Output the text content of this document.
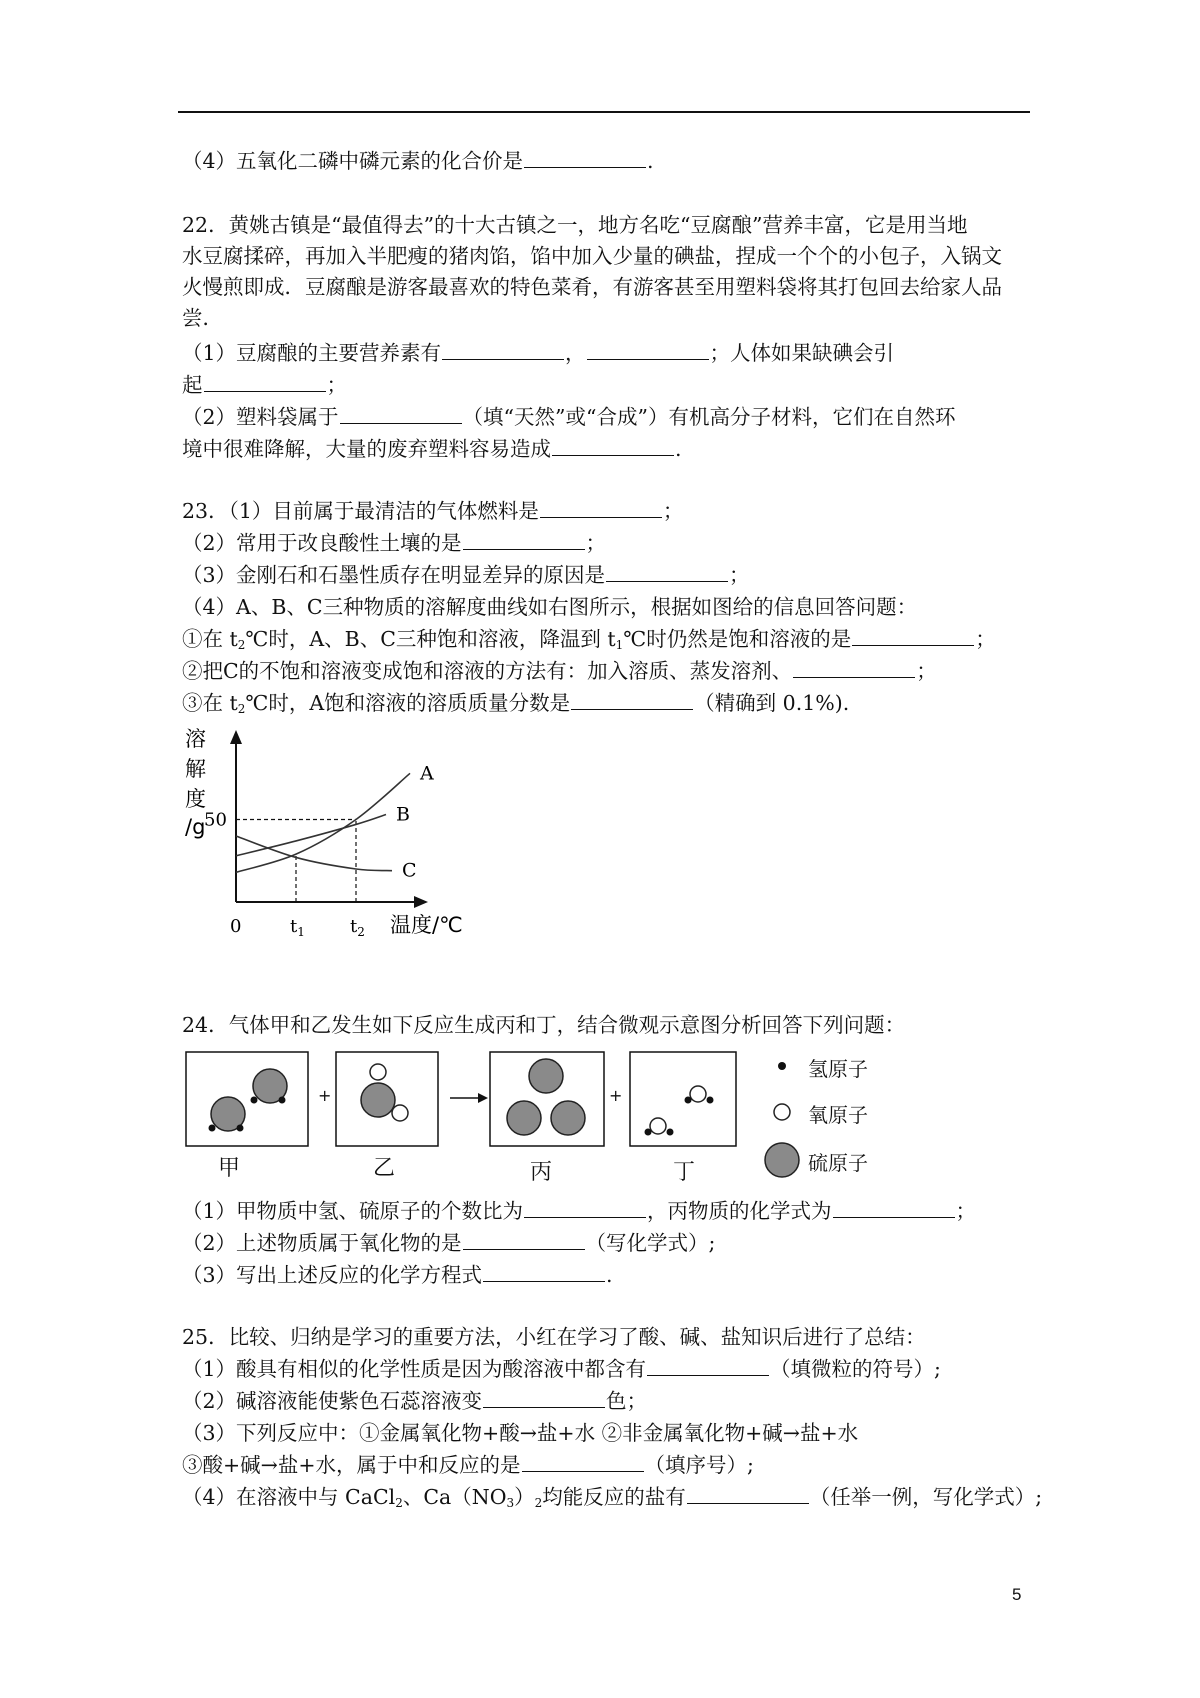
（4）五氧化二磷中磷元素的化合价是	.
22．黄姚古镇是“最值得去”的十大古镇之一，地方名吃“豆腐酿”营养丰富，它是用当地
水豆腐揉碎，再加入半肥瘦的猪肉馅，馅中加入少量的碘盐，捏成一个个的小包子，入锅文
火慢煎即成．豆腐酿是游客最喜欢的特色菜肴，有游客甚至用塑料袋将其打包回去给家人品
尝．
（1）豆腐酿的主要营养素有	，	；人体如果缺碘会引
起	；
（2）塑料袋属于	（填“天然”或“合成”）有机高分子材料，它们在自然环
境中很难降解，大量的废弃塑料容易造成	.
23．（1）目前属于最清洁的气体燃料是	；
（2）常用于改良酸性土壤的是	；
（3）金刚石和石墨性质存在明显差异的原因是	；
（4）A、B、C三种物质的溶解度曲线如右图所示，根据如图给的信息回答问题：
①在 $t_2℃$时，A、B、C三种饱和溶液，降温到 $t_1℃$时仍然是饱和溶液的是	；
②把C的不饱和溶液变成饱和溶液的方法有：加入溶质、蒸发溶剂、	；
③在 $t_2℃$时，A饱和溶液的溶质质量分数是	（精确到 0.1%).
溶
解
度
/g
50
0	$t_1$	$t_2$ 温度/℃
A
B
C
24．气体甲和乙发生如下反应生成丙和丁，结合微观示意图分析回答下列问题：
+	+
甲	乙	丙	丁
氢原子
氧原子
硫原子
（1）甲物质中氢、硫原子的个数比为	，丙物质的化学式为	；
（2）上述物质属于氧化物的是	（写化学式）;
（3）写出上述反应的化学方程式	.
25．比较、归纳是学习的重要方法，小红在学习了酸、碱、盐知识后进行了总结：
（1）酸具有相似的化学性质是因为酸溶液中都含有	（填微粒的符号）;
（2）碱溶液能使紫色石蕊溶液变	色；
（3）下列反应中：①金属氧化物+酸→盐+水 ②非金属氧化物+碱→盐+水
③酸+碱→盐+水，属于中和反应的是	（填序号）;
（4）在溶液中与 CaCl$_2$、$Ca(NO_3)_2$均能反应的盐有	（任举一例，写化学式）;
5
